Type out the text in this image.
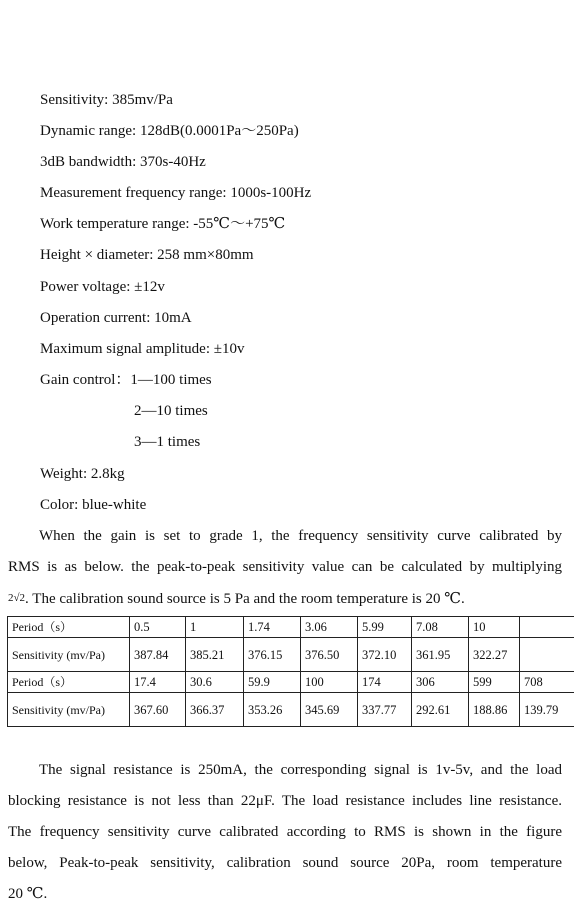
Sensitivity: 385mv/Pa
Dynamic range: 128dB(0.0001Pa～250Pa)
3dB bandwidth: 370s-40Hz
Measurement frequency range: 1000s-100Hz
Work temperature range: -55℃～+75℃
Height × diameter: 258 mm×80mm
Power voltage: ±12v
Operation current: 10mA
Maximum signal amplitude: ±10v
Gain control：1—100 times
2—10 times
3—1 times
Weight: 2.8kg
Color: blue-white
When the gain is set to grade 1, the frequency sensitivity curve calibrated by
RMS is as below. the peak-to-peak sensitivity value can be calculated by multiplying
2√2. The calibration sound source is 5 Pa and the room temperature is 20 ℃.
Period（s）	0.5	1	1.74	3.06	5.99	7.08	10	
Sensitivity (mv/Pa)	387.84	385.21	376.15	376.50	372.10	361.95	322.27	
Period（s）	17.4	30.6	59.9	100	174	306	599	708
Sensitivity (mv/Pa)	367.60	366.37	353.26	345.69	337.77	292.61	188.86	139.79
The signal resistance is 250mA, the corresponding signal is 1v-5v, and the load
blocking resistance is not less than 22μF. The load resistance includes line resistance.
The frequency sensitivity curve calibrated according to RMS is shown in the figure
below, Peak-to-peak sensitivity, calibration sound source 20Pa, room temperature
20 ℃.
